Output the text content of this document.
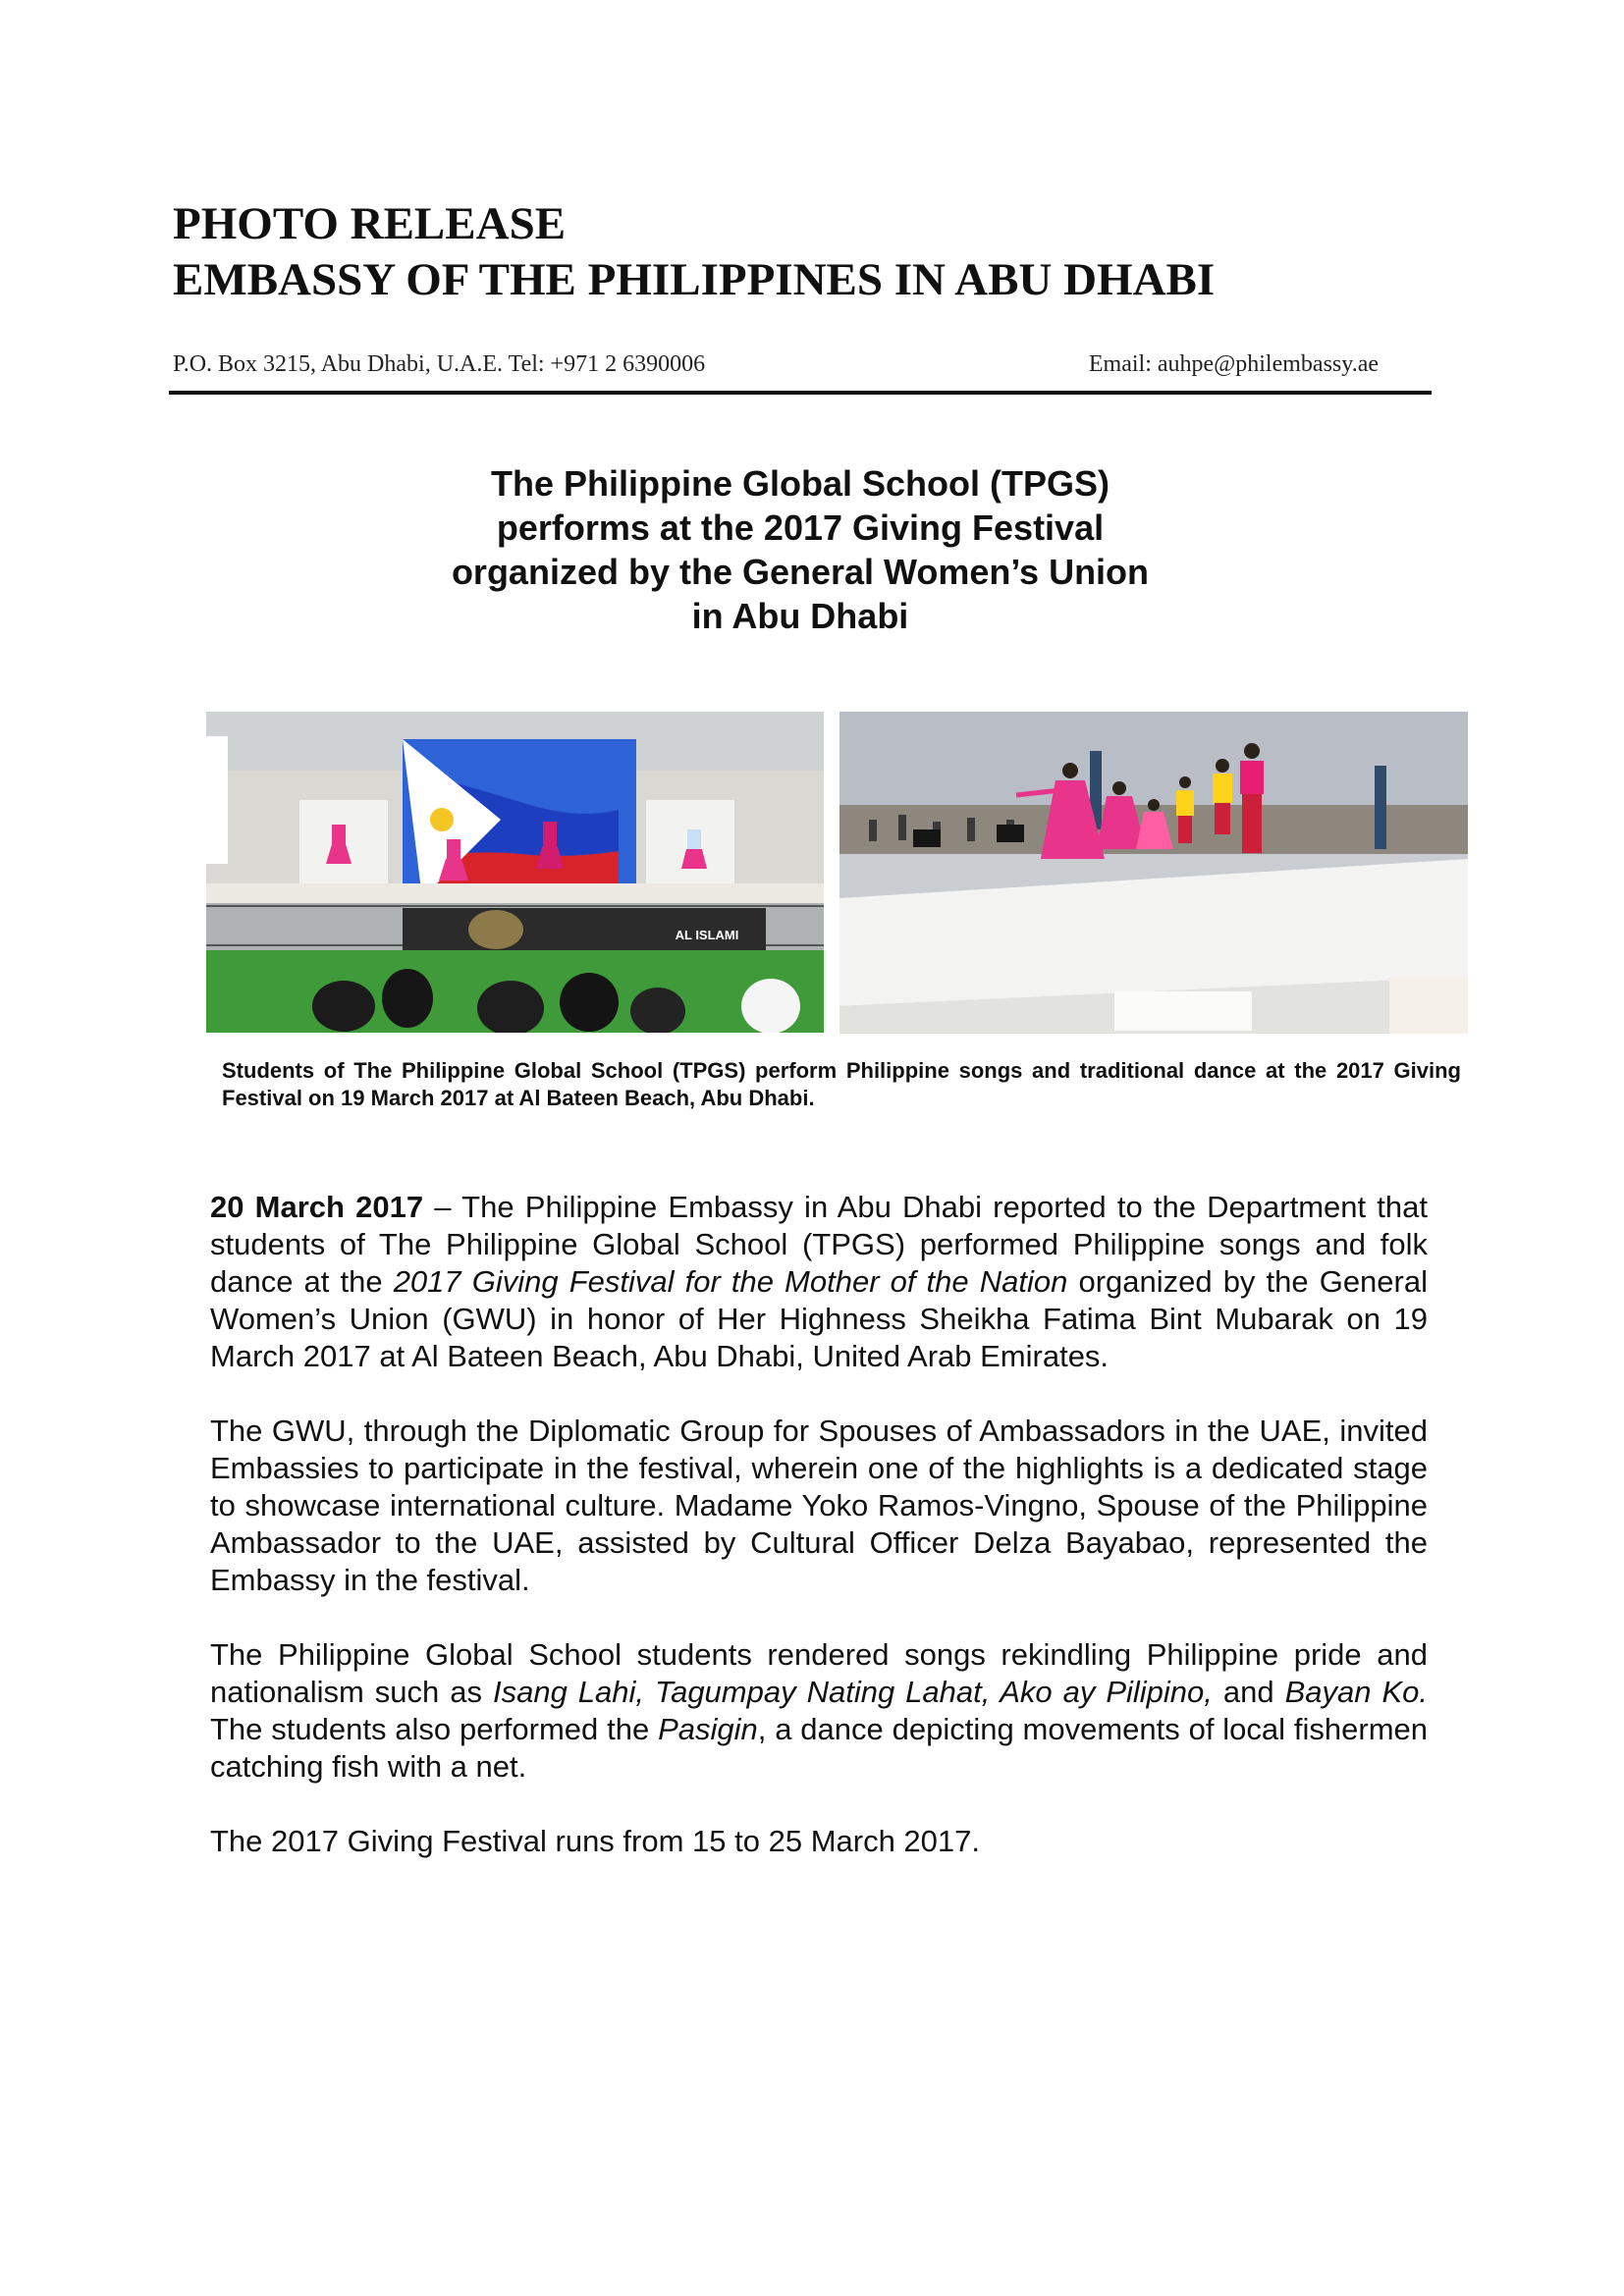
PHOTO RELEASE
EMBASSY OF THE PHILIPPINES IN ABU DHABI
P.O. Box 3215, Abu Dhabi, U.A.E. Tel: +971 2 6390006	Email: auhpe@philembassy.ae
The Philippine Global School (TPGS)
performs at the 2017 Giving Festival
organized by the General Women’s Union
in Abu Dhabi
AL ISLAMI
Students of The Philippine Global School (TPGS) perform Philippine songs and traditional dance at the 2017 Giving Festival on 19 March 2017 at Al Bateen Beach, Abu Dhabi.

20 March 2017 – The Philippine Embassy in Abu Dhabi reported to the Department that students of The Philippine Global School (TPGS) performed Philippine songs and folk dance at the 2017 Giving Festival for the Mother of the Nation organized by the General Women’s Union (GWU) in honor of Her Highness Sheikha Fatima Bint Mubarak on 19 March 2017 at Al Bateen Beach, Abu Dhabi, United Arab Emirates.

The GWU, through the Diplomatic Group for Spouses of Ambassadors in the UAE, invited Embassies to participate in the festival, wherein one of the highlights is a dedicated stage to showcase international culture. Madame Yoko Ramos-Vingno, Spouse of the Philippine Ambassador to the UAE, assisted by Cultural Officer Delza Bayabao, represented the Embassy in the festival.

The Philippine Global School students rendered songs rekindling Philippine pride and nationalism such as Isang Lahi, Tagumpay Nating Lahat, Ako ay Pilipino, and Bayan Ko. The students also performed the Pasigin, a dance depicting movements of local fishermen catching fish with a net.

The 2017 Giving Festival runs from 15 to 25 March 2017.
